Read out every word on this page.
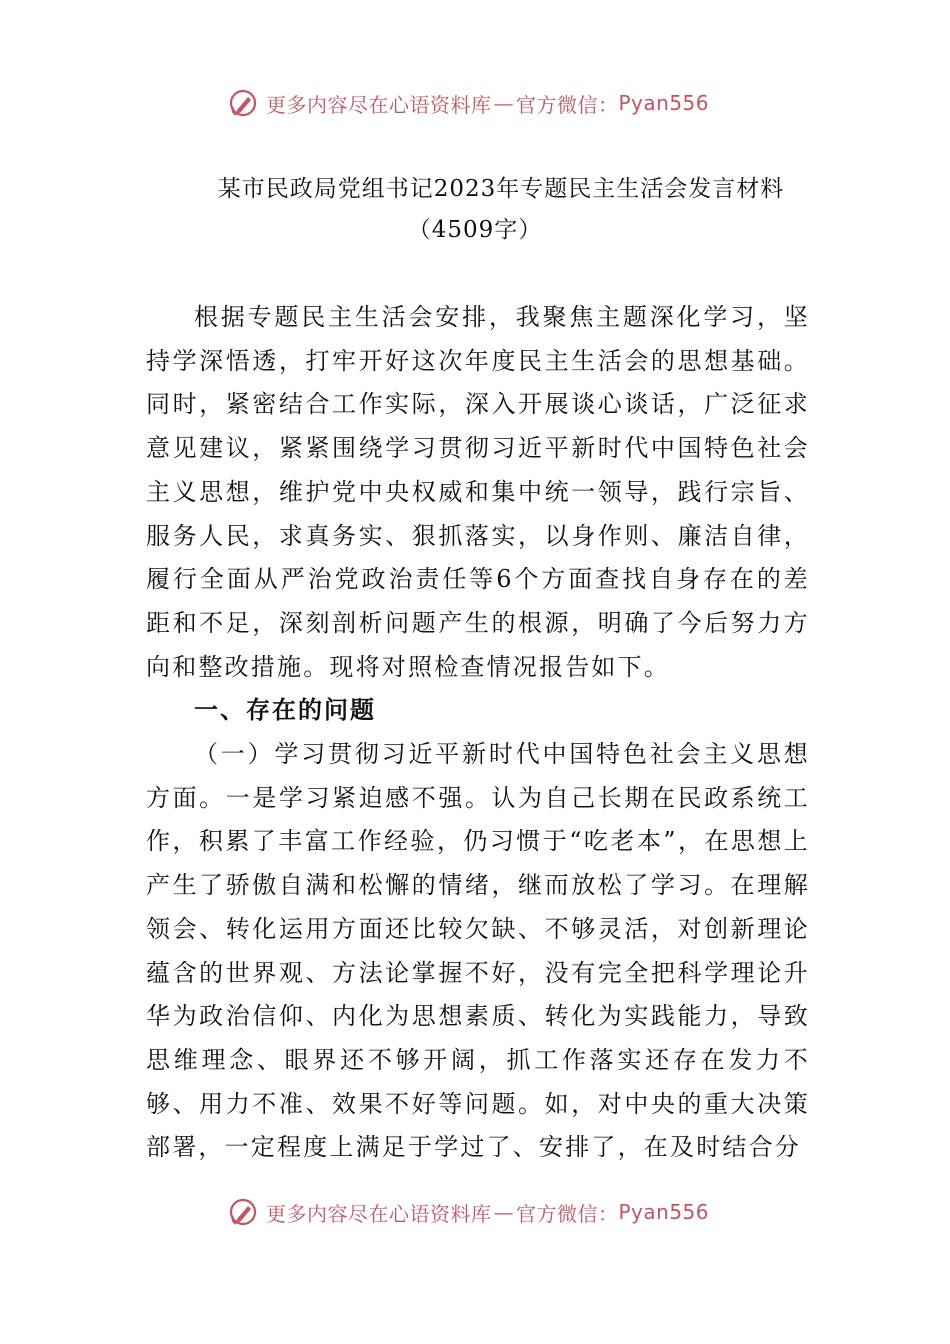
更多内容尽在心语资料库 — 官方微信： Pyan556
某市民政局党组书记2023年专题民主生活会发言材料
（4509字）

根据专题民主生活会安排，我聚焦主题深化学习，坚持学深悟透，打牢开好这次年度民主生活会的思想基础。同时，紧密结合工作实际，深入开展谈心谈话，广泛征求意见建议，紧紧围绕学习贯彻习近平新时代中国特色社会主义思想，维护党中央权威和集中统一领导，践行宗旨、服务人民，求真务实、狠抓落实，以身作则、廉洁自律，履行全面从严治党政治责任等6个方面查找自身存在的差距和不足，深刻剖析问题产生的根源，明确了今后努力方向和整改措施。现将对照检查情况报告如下。

一、存在的问题

（一）学习贯彻习近平新时代中国特色社会主义思想方面。一是学习紧迫感不强。认为自己长期在民政系统工作，积累了丰富工作经验，仍习惯于“吃老本”，在思想上产生了骄傲自满和松懈的情绪，继而放松了学习。在理解领会、转化运用方面还比较欠缺、不够灵活，对创新理论蕴含的世界观、方法论掌握不好，没有完全把科学理论升华为政治信仰、内化为思想素质、转化为实践能力，导致思维理念、眼界还不够开阔，抓工作落实还存在发力不够、用力不准、效果不好等问题。如，对中央的重大决策部署，一定程度上满足于学过了、安排了，在及时结合分

更多内容尽在心语资料库 — 官方微信： Pyan556
